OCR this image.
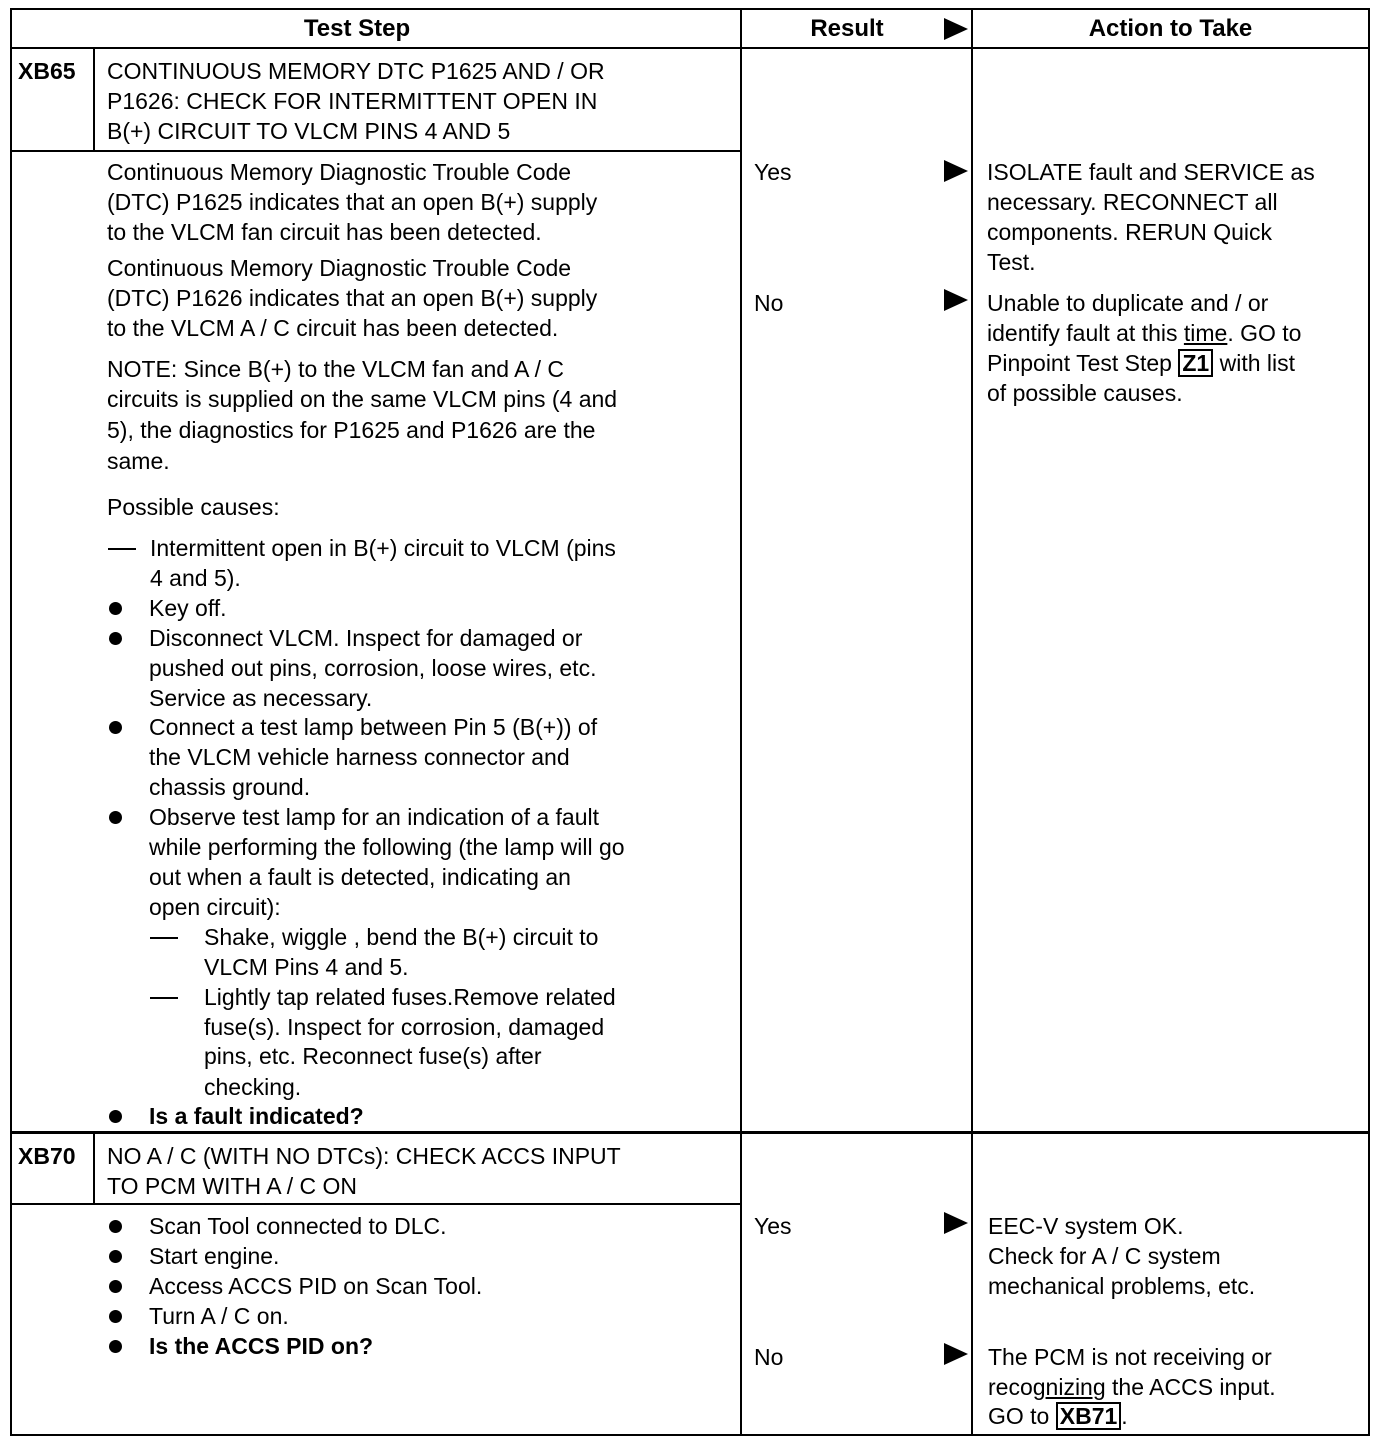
Test Step	Result	Action to Take
XB65 CONTINUOUS MEMORY DTC P1625 AND / OR
P1626: CHECK FOR INTERMITTENT OPEN IN
B(+) CIRCUIT TO VLCM PINS 4 AND 5
Continuous Memory Diagnostic Trouble Code
(DTC) P1625 indicates that an open B(+) supply
to the VLCM fan circuit has been detected.
Continuous Memory Diagnostic Trouble Code
(DTC) P1626 indicates that an open B(+) supply
to the VLCM A / C circuit has been detected.
NOTE: Since B(+) to the VLCM fan and A / C
circuits is supplied on the same VLCM pins (4 and
5), the diagnostics for P1625 and P1626 are the
same.
Possible causes:
Intermittent open in B(+) circuit to VLCM (pins
4 and 5).
Key off.
Disconnect VLCM. Inspect for damaged or
pushed out pins, corrosion, loose wires, etc.
Service as necessary.
Connect a test lamp between Pin 5 (B(+)) of
the VLCM vehicle harness connector and
chassis ground.
Observe test lamp for an indication of a fault
while performing the following (the lamp will go
out when a fault is detected, indicating an
open circuit):
Shake, wiggle , bend the B(+) circuit to
VLCM Pins 4 and 5.
Lightly tap related fuses.Remove related
fuse(s). Inspect for corrosion, damaged
pins, etc. Reconnect fuse(s) after
checking.
Is a fault indicated?
Yes
No
ISOLATE fault and SERVICE as
necessary. RECONNECT all
components. RERUN Quick
Test.
Unable to duplicate and / or
identify fault at this time. GO to
Pinpoint Test Step Z1 with list
of possible causes.
XB70 NO A / C (WITH NO DTCs): CHECK ACCS INPUT
TO PCM WITH A / C ON
Scan Tool connected to DLC.
Start engine.
Access ACCS PID on Scan Tool.
Turn A / C on.
Is the ACCS PID on?
Yes
No
EEC-V system OK.
Check for A / C system
mechanical problems, etc.
The PCM is not receiving or
recognizing the ACCS input.
GO to XB71 .
